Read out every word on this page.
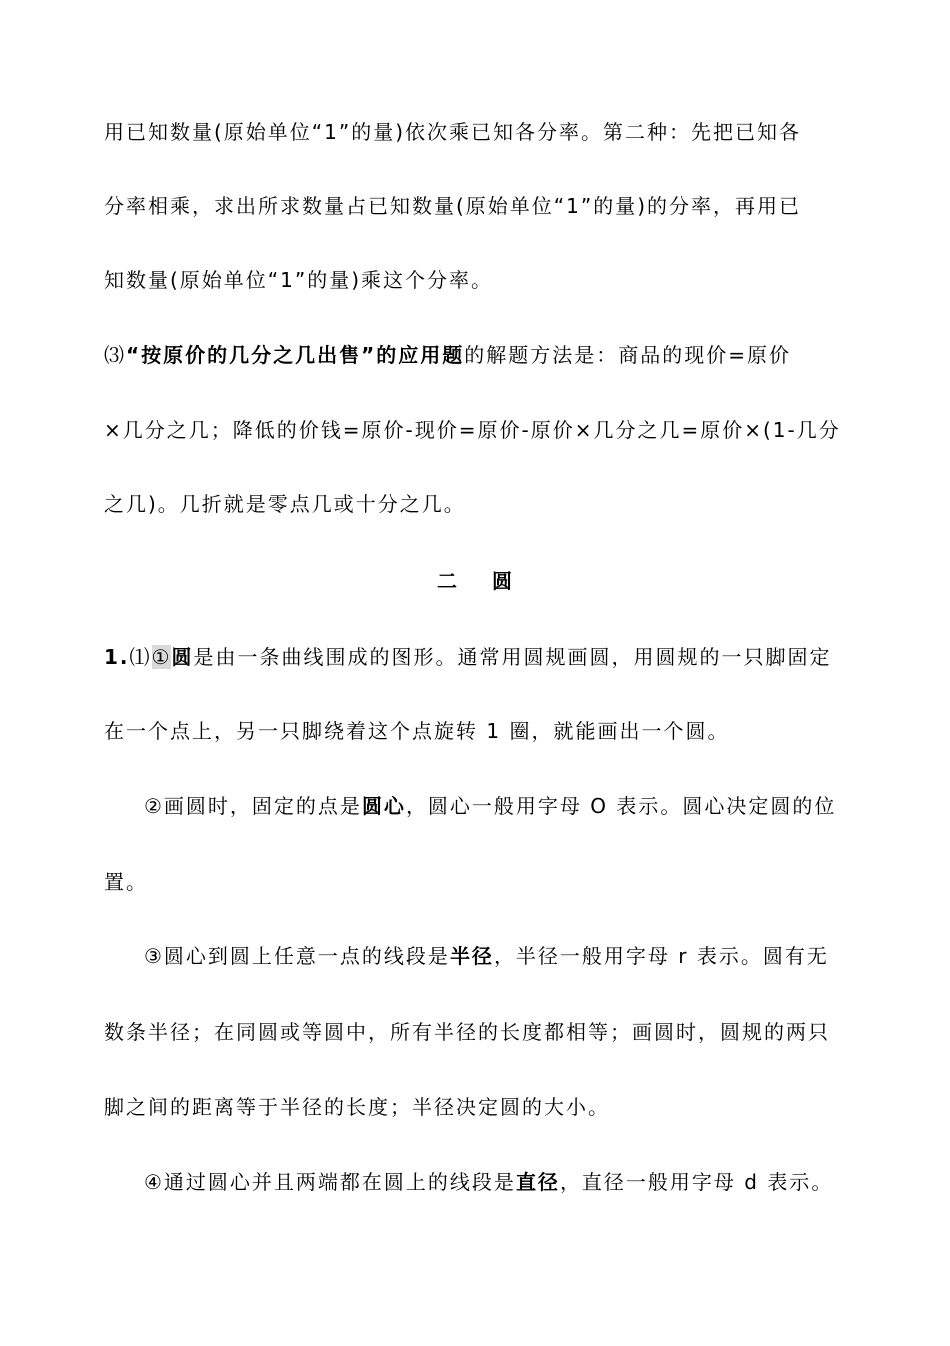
用已知数量(原始单位“1”的量)依次乘已知各分率。第二种：先把已知各
分率相乘，求出所求数量占已知数量(原始单位“1”的量)的分率，再用已
知数量(原始单位“1”的量)乘这个分率。
⑶“按原价的几分之几出售”的应用题的解题方法是：商品的现价=原价
×几分之几；降低的价钱=原价-现价=原价-原价×几分之几=原价×(1-几分
之几)。几折就是零点几或十分之几。
二 圆
1.⑴①圆是由一条曲线围成的图形。通常用圆规画圆，用圆规的一只脚固定
在一个点上，另一只脚绕着这个点旋转 1 圈，就能画出一个圆。
②画圆时，固定的点是圆心，圆心一般用字母 O 表示。圆心决定圆的位
置。
③圆心到圆上任意一点的线段是半径，半径一般用字母 r 表示。圆有无
数条半径；在同圆或等圆中，所有半径的长度都相等；画圆时，圆规的两只
脚之间的距离等于半径的长度；半径决定圆的大小。
④通过圆心并且两端都在圆上的线段是直径，直径一般用字母 d 表示。
